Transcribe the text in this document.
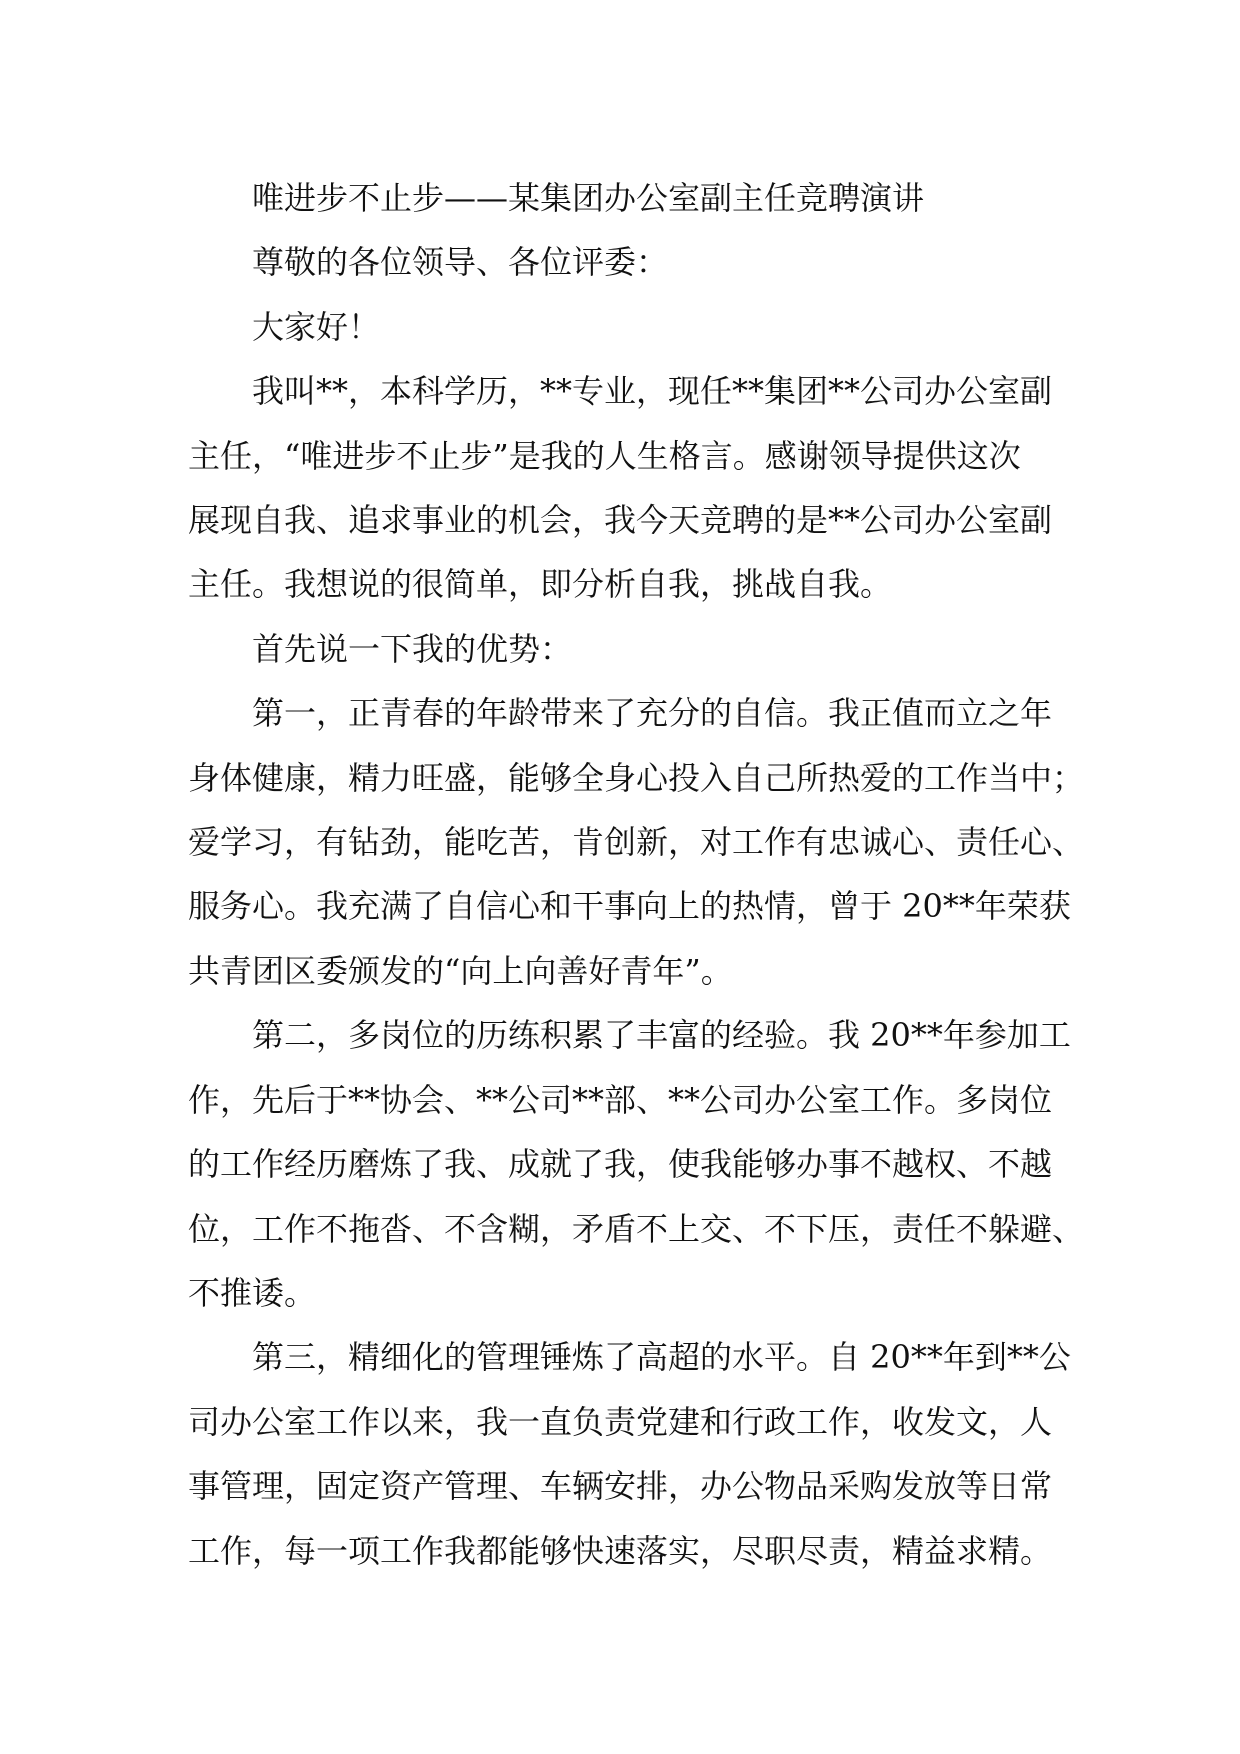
唯进步不止步——某集团办公室副主任竞聘演讲

尊敬的各位领导、各位评委：

大家好！

我叫**，本科学历，**专业，现任**集团**公司办公室副
主任，“唯进步不止步”是我的人生格言。感谢领导提供这次
展现自我、追求事业的机会，我今天竞聘的是**公司办公室副
主任。我想说的很简单，即分析自我，挑战自我。

首先说一下我的优势：

第一，正青春的年龄带来了充分的自信。我正值而立之年
身体健康，精力旺盛，能够全身心投入自己所热爱的工作当中；
爱学习，有钻劲，能吃苦，肯创新，对工作有忠诚心、责任心、
服务心。我充满了自信心和干事向上的热情，曾于 20**年荣获
共青团区委颁发的“向上向善好青年”。

第二，多岗位的历练积累了丰富的经验。我 20**年参加工
作，先后于**协会、**公司**部、**公司办公室工作。多岗位
的工作经历磨炼了我、成就了我，使我能够办事不越权、不越
位，工作不拖沓、不含糊，矛盾不上交、不下压，责任不躲避、
不推诿。

第三，精细化的管理锤炼了高超的水平。自 20**年到**公
司办公室工作以来，我一直负责党建和行政工作，收发文，人
事管理，固定资产管理、车辆安排，办公物品采购发放等日常
工作，每一项工作我都能够快速落实，尽职尽责，精益求精。
